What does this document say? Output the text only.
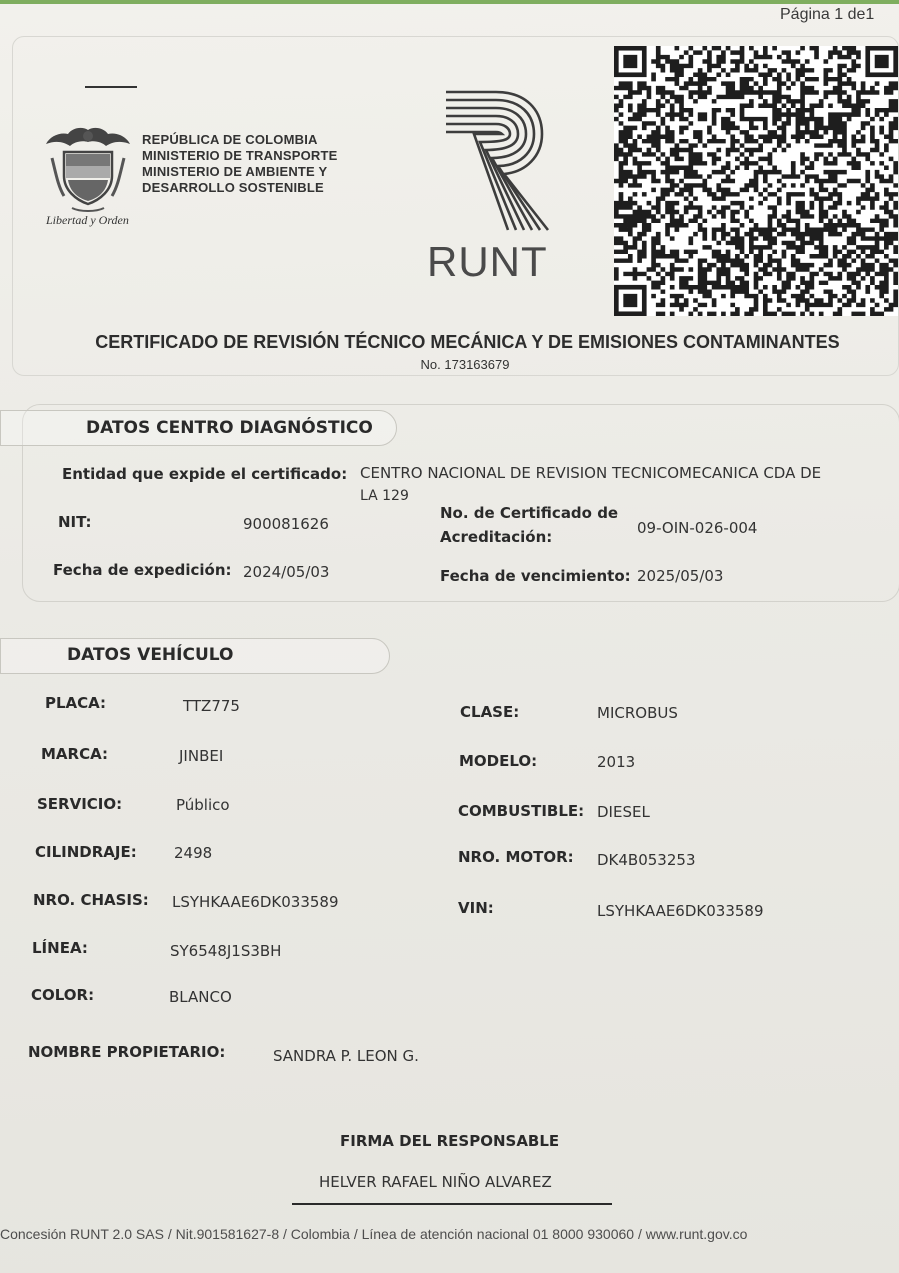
Página 1 de1
REPÚBLICA DE COLOMBIA
MINISTERIO DE TRANSPORTE
MINISTERIO DE AMBIENTE Y
DESARROLLO SOSTENIBLE
Libertad y Orden
RUNT
CERTIFICADO DE REVISIÓN TÉCNICO MECÁNICA Y DE EMISIONES CONTAMINANTES
No. 173163679
DATOS CENTRO DIAGNÓSTICO
Entidad que expide el certificado: CENTRO NACIONAL DE REVISION TECNICOMECANICA CDA DE
LA 129
NIT:	900081626
No. de Certificado de
Acreditación:	09-OIN-026-004
Fecha de expedición: 2024/05/03	Fecha de vencimiento: 2025/05/03
DATOS VEHÍCULO
PLACA:	TTZ775	CLASE:	MICROBUS
MARCA:	JINBEI	MODELO:	2013
SERVICIO:	Público	COMBUSTIBLE: DIESEL
CILINDRAJE: 2498	NRO. MOTOR: DK4B053253
NRO. CHASIS: LSYHKAAE6DK033589	VIN:	LSYHKAAE6DK033589
LÍNEA:	SY6548J1S3BH
COLOR:	BLANCO
NOMBRE PROPIETARIO:	SANDRA P. LEON G.
FIRMA DEL RESPONSABLE
HELVER RAFAEL NIÑO ALVAREZ
Concesión RUNT 2.0 SAS / Nit.901581627-8 / Colombia / Línea de atención nacional 01 8000 930060 / www.runt.gov.co
